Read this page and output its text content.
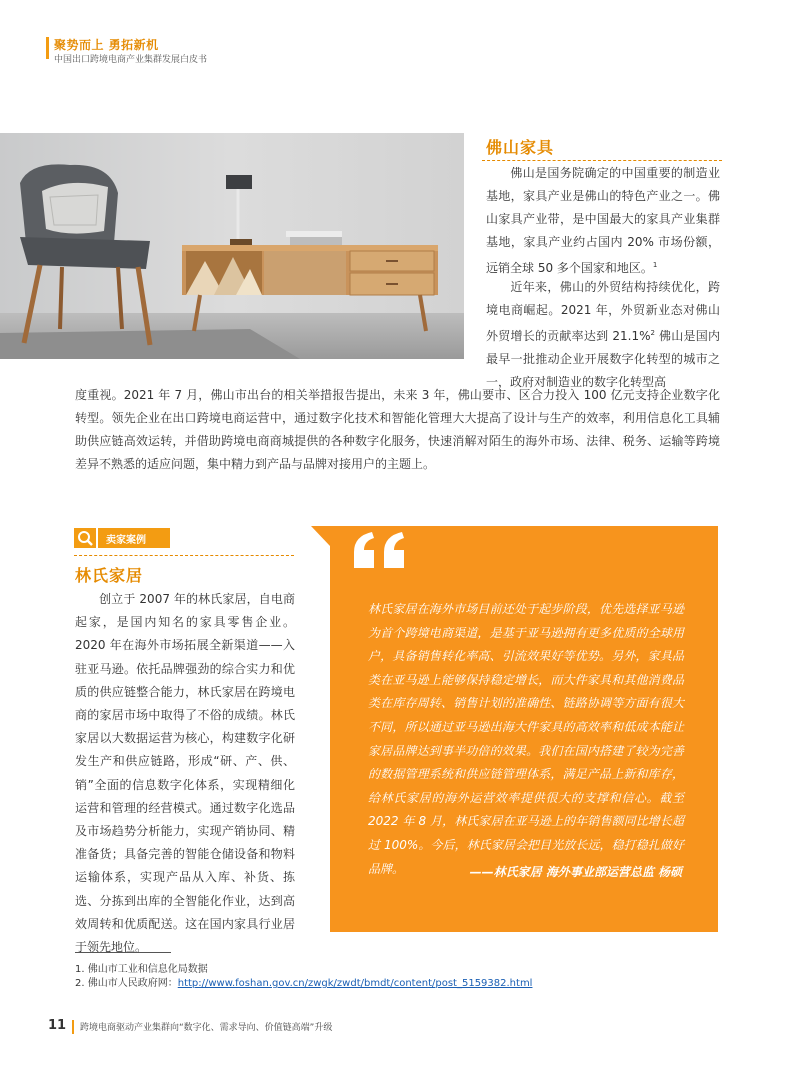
聚势而上 勇拓新机
中国出口跨境电商产业集群发展白皮书
佛山家具
佛山是国务院确定的中国重要的制造业基地，家具产业是佛山的特色产业之一。佛山家具产业带，是中国最大的家具产业集群基地，家具产业约占国内 20% 市场份额，远销全球 50 多个国家和地区。$^1$
近年来，佛山的外贸结构持续优化，跨境电商崛起。2021 年，外贸新业态对佛山外贸增长的贡献率达到 21.1%$^2$ 佛山是国内最早一批推动企业开展数字化转型的城市之一，政府对制造业的数字化转型高
度重视。2021 年 7 月，佛山市出台的相关举措报告提出，未来 3 年，佛山要市、区合力投入 100 亿元支持企业数字化转型。领先企业在出口跨境电商运营中，通过数字化技术和智能化管理大大提高了设计与生产的效率，利用信息化工具辅助供应链高效运转，并借助跨境电商商城提供的各种数字化服务，快速消解对陌生的海外市场、法律、税务、运输等跨境差异不熟悉的适应问题，集中精力到产品与品牌对接用户的主题上。
卖家案例
林氏家居
创立于 2007 年的林氏家居，自电商起家，是国内知名的家具零售企业。2020 年在海外市场拓展全新渠道——入驻亚马逊。依托品牌强劲的综合实力和优质的供应链整合能力，林氏家居在跨境电商的家居市场中取得了不俗的成绩。林氏家居以大数据运营为核心，构建数字化研发生产和供应链路，形成“研、产、供、销”全面的信息数字化体系，实现精细化运营和管理的经营模式。通过数字化选品及市场趋势分析能力，实现产销协同、精准备货；具备完善的智能仓储设备和物料运输体系，实现产品从入库、补货、拣选、分拣到出库的全智能化作业，达到高效周转和优质配送。这在国内家具行业居于领先地位。
林氏家居在海外市场目前还处于起步阶段，优先选择亚马逊为首个跨境电商渠道，是基于亚马逊拥有更多优质的全球用户，具备销售转化率高、引流效果好等优势。另外，家具品类在亚马逊上能够保持稳定增长，而大件家具和其他消费品类在库存周转、销售计划的准确性、链路协调等方面有很大不同，所以通过亚马逊出海大件家具的高效率和低成本能让家居品牌达到事半功倍的效果。我们在国内搭建了较为完善的数据管理系统和供应链管理体系，满足产品上新和库存，给林氏家居的海外运营效率提供很大的支撑和信心。截至 2022 年 8 月，林氏家居在亚马逊上的年销售额同比增长超过 100%。今后，林氏家居会把目光放长远，稳打稳扎做好品牌。	——林氏家居 海外事业部运营总监 杨硕
1. 佛山市工业和信息化局数据
2. 佛山市人民政府网：http://www.foshan.gov.cn/zwgk/zwdt/bmdt/content/post_5159382.html
11 跨境电商驱动产业集群向“数字化、需求导向、价值链高端”升级
